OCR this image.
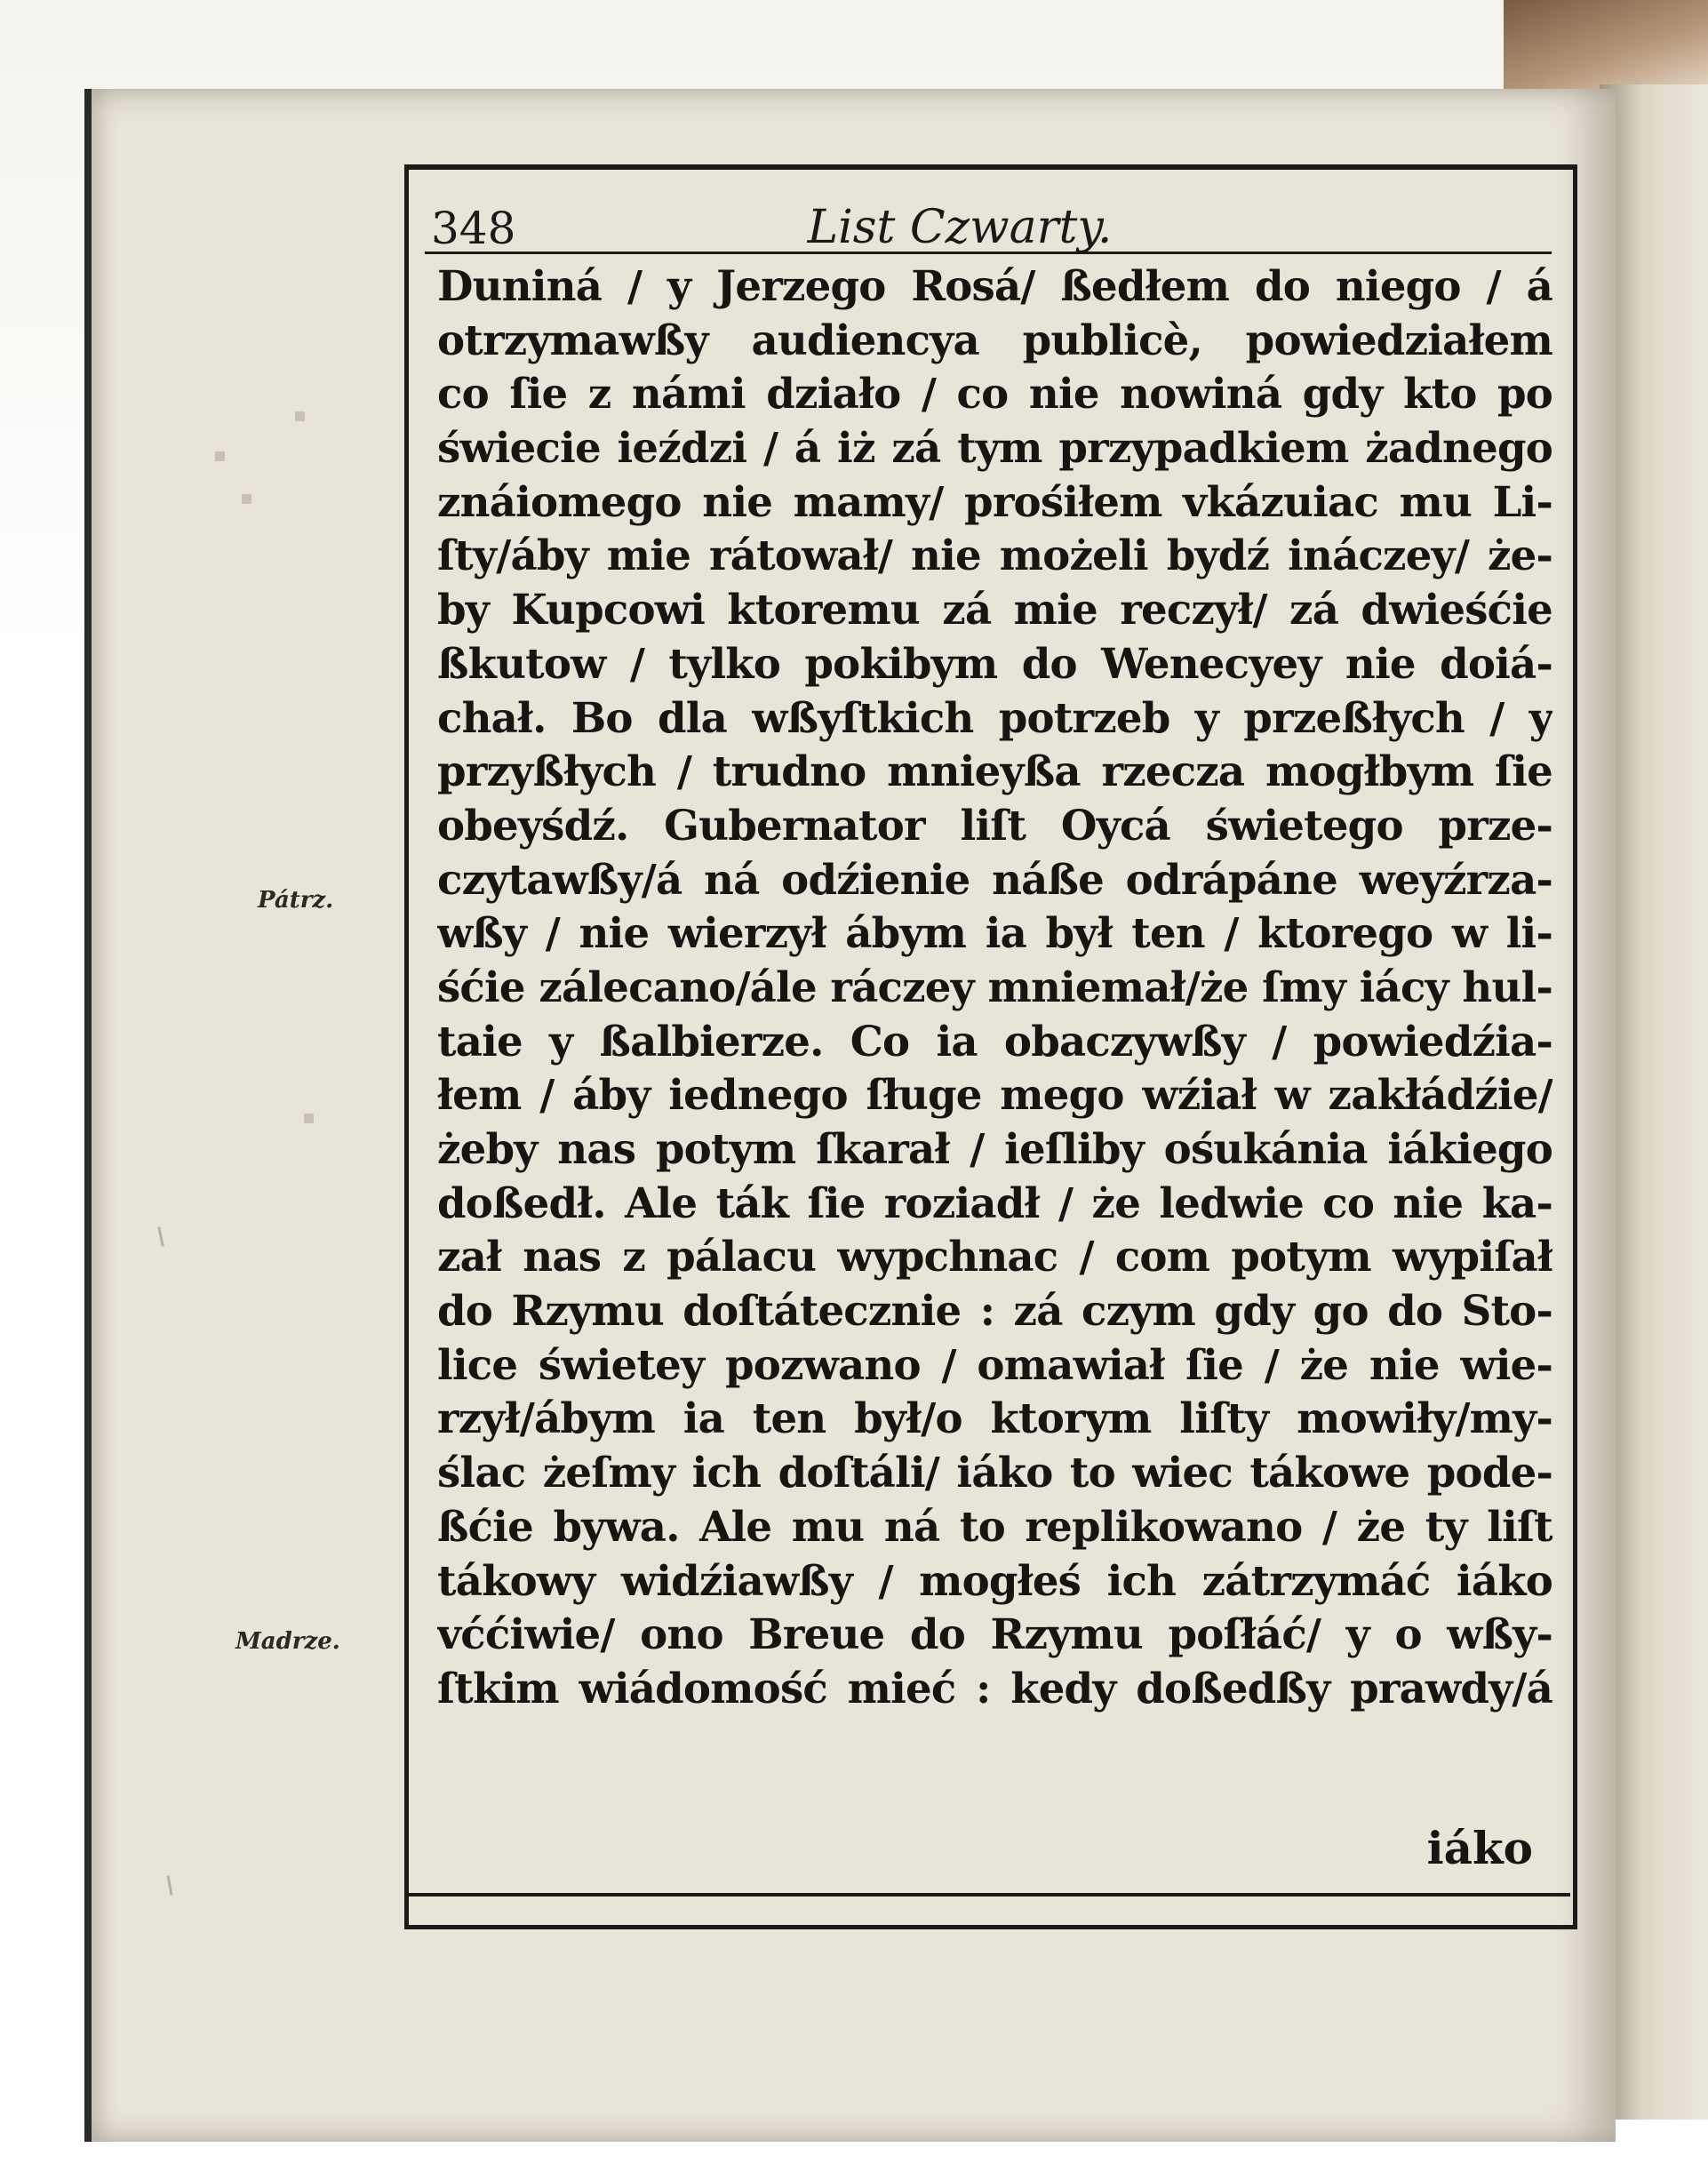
▪
▪
▪
▪
348	List Czwarty.
Duniná / y Jerzego Rosá/ ßedłem do niego / á
otrzymawßy audiencya publicè, powiedziałem
co ſie z námi działo / co nie nowiná gdy kto po
świecie ieździ / á iż zá tym przypadkiem żadnego
znáiomego nie mamy/ prośiłem vkázuiac mu Li-
ſty/áby mie rátował/ nie możeli bydź ináczey/ że-
by Kupcowi ktoremu zá mie reczył/ zá dwieśćie
ßkutow / tylko pokibym do Wenecyey nie doiá-
chał. Bo dla wßyſtkich potrzeb y przeßłych / y
przyßłych / trudno mnieyßa rzecza mogłbym ſie
obeyśdź. Gubernator liſt Oycá świetego prze-
czytawßy/á ná odźienie náße odrápáne weyźrza-
wßy / nie wierzył ábym ia był ten / ktorego w li-
śćie zálecano/ále ráczey mniemał/że ſmy iácy hul-
taie y ßalbierze. Co ia obaczywßy / powiedźia-
łem / áby iednego ſługe mego wźiał w zakłádźie/
żeby nas potym ſkarał / ieſliby ośukánia iákiego
doßedł. Ale ták ſie roziadł / że ledwie co nie ka-
zał nas z pálacu wypchnac / com potym wypiſał
do Rzymu doſtátecznie : zá czym gdy go do Sto-
lice świetey pozwano / omawiał ſie / że nie wie-
rzył/ábym ia ten był/o ktorym liſty mowiły/my-
ślac żeſmy ich doſtáli/ iáko to wiec tákowe pode-
ßćie bywa. Ale mu ná to replikowano / że ty liſt
tákowy widźiawßy / mogłeś ich zátrzymáć iáko
vććiwie/ ono Breue do Rzymu poſłáć/ y o wßy-
ſtkim wiádomość mieć : kedy doßedßy prawdy/á
iáko
Pátrz.
Madrze.
